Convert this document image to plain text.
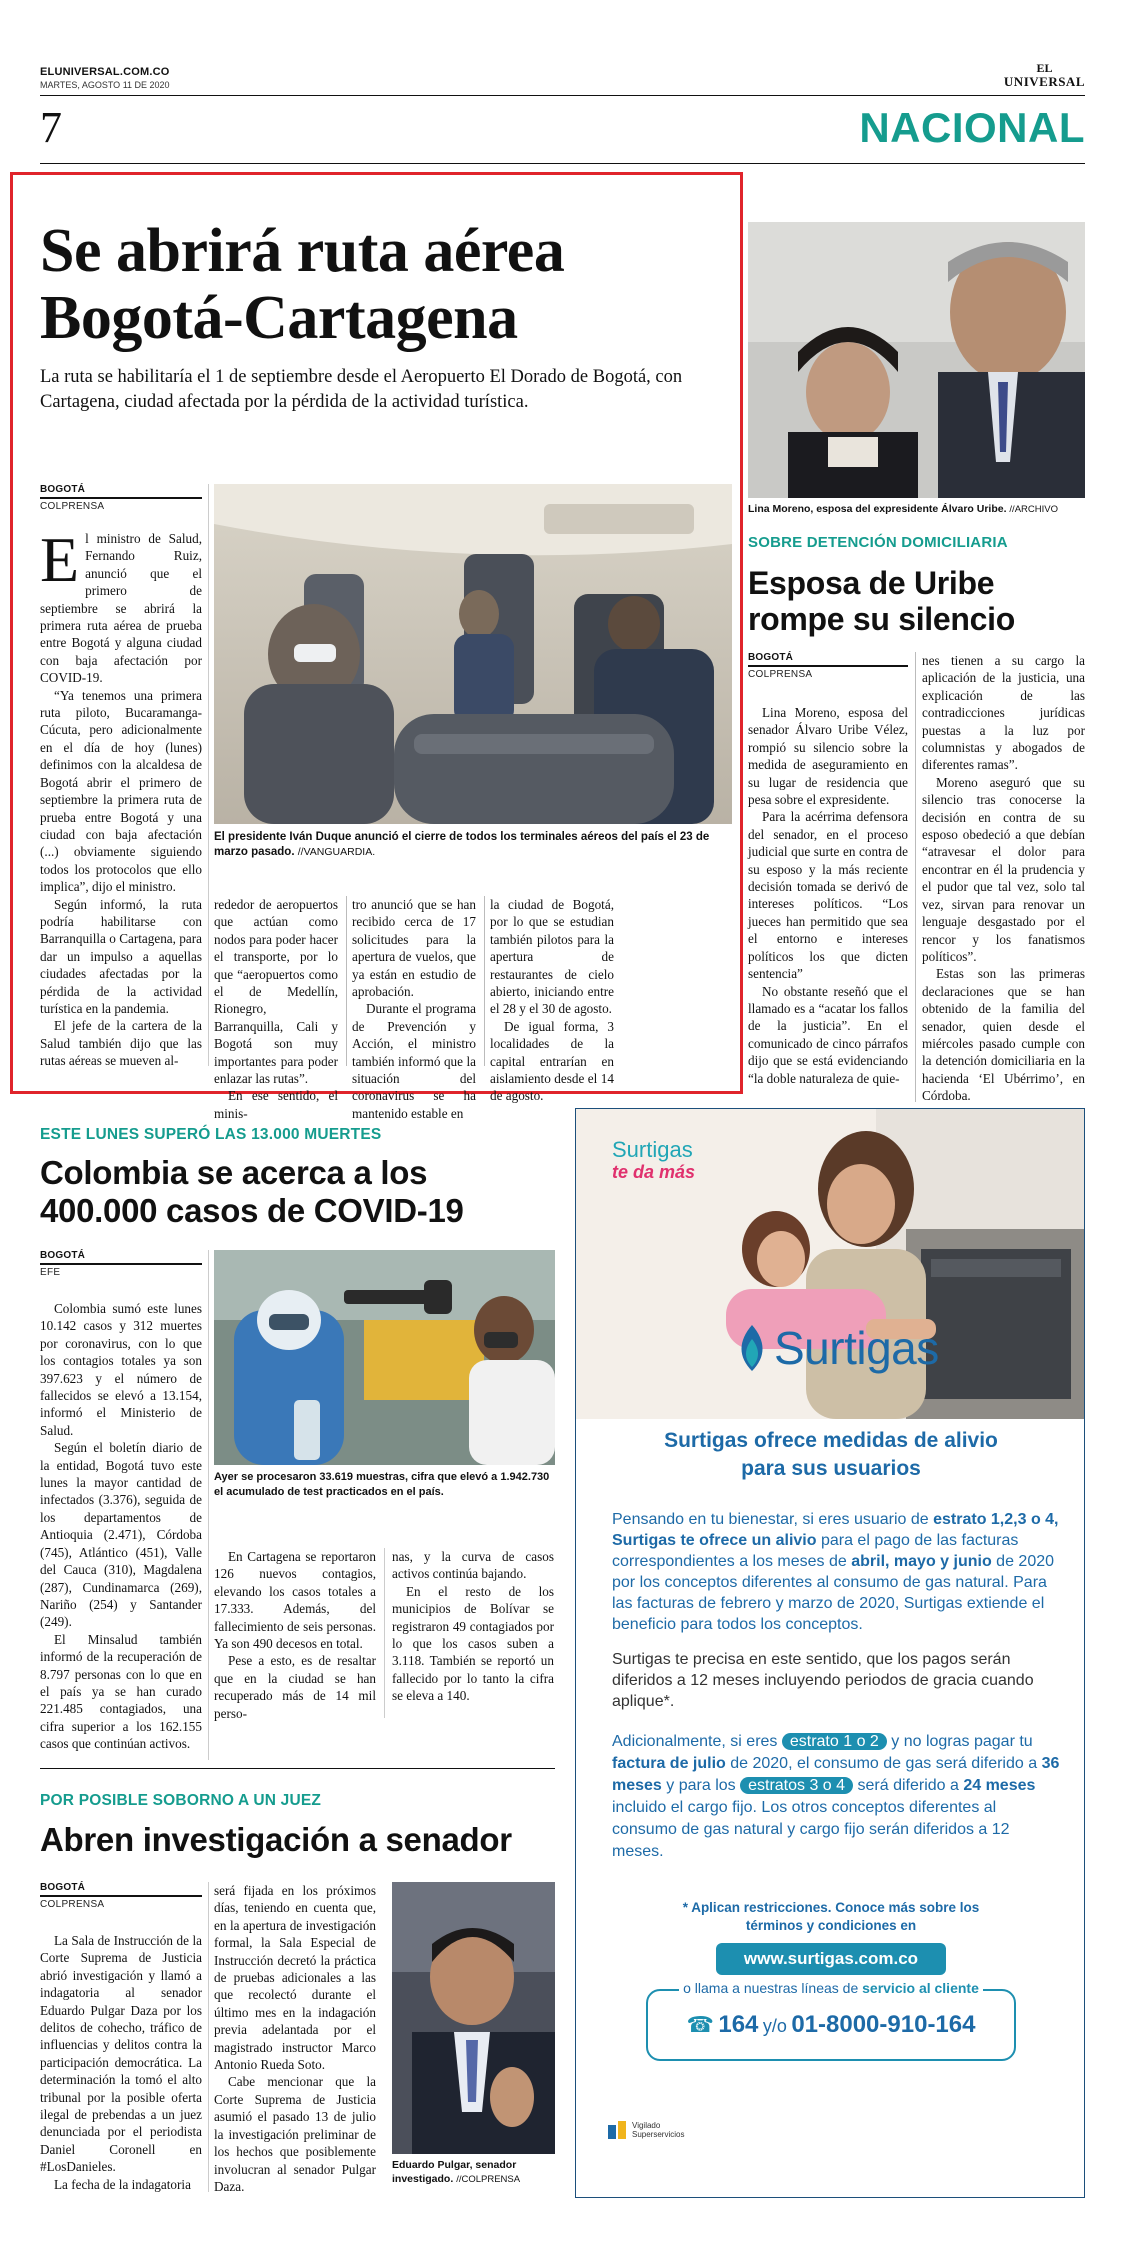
ELUNIVERSAL.COM.CO
MARTES, AGOSTO 11 DE 2020
EL
UNIVERSAL
7	NACIONAL
Se abrirá ruta aérea
Bogotá-Cartagena
La ruta se habilitaría el 1 de septiembre desde el Aeropuerto El Dorado de Bogotá, con Cartagena, ciudad afectada por la pérdida de la actividad turística.
BOGOTÁ
COLPRENSA

El ministro de Salud, Fernando Ruiz, anunció que el primero de septiembre se abrirá la primera ruta aérea de prueba entre Bogotá y alguna ciudad con baja afectación por COVID-19.

“Ya tenemos una primera ruta piloto, Bucaramanga-Cúcuta, pero adicionalmente en el día de hoy (lunes) definimos con la alcaldesa de Bogotá abrir el primero de septiembre la primera ruta de prueba entre Bogotá y una ciudad con baja afectación (...) obviamente siguiendo todos los protocolos que ello implica”, dijo el ministro.

Según informó, la ruta podría habilitarse con Barranquilla o Cartagena, para dar un impulso a aquellas ciudades afectadas por la pérdida de la actividad turística en la pandemia.

El jefe de la cartera de la Salud también dijo que las rutas aéreas se mueven al-

El presidente Iván Duque anunció el cierre de todos los terminales aéreos del país el 23 de marzo pasado. //VANGUARDIA.

rededor de aeropuertos que actúan como nodos para poder hacer el transporte, por lo que “aeropuertos como el de Medellín, Rionegro, Barranquilla, Cali y Bogotá son muy importantes para poder enlazar las rutas”.

En ese sentido, el minis-

tro anunció que se han recibido cerca de 17 solicitudes para la apertura de vuelos, que ya están en estudio de aprobación.

Durante el programa de Prevención y Acción, el ministro también informó que la situación del coronavirus se ha mantenido estable en

la ciudad de Bogotá, por lo que se estudian también pilotos para la apertura de restaurantes de cielo abierto, iniciando entre el 28 y el 30 de agosto.

De igual forma, 3 localidades de la capital entrarían en aislamiento desde el 14 de agosto.

Lina Moreno, esposa del expresidente Álvaro Uribe. //ARCHIVO
SOBRE DETENCIÓN DOMICILIARIA
Esposa de Uribe
rompe su silencio
BOGOTÁ
COLPRENSA

Lina Moreno, esposa del senador Álvaro Uribe Vélez, rompió su silencio sobre la medida de aseguramiento en su lugar de residencia que pesa sobre el expresidente.

Para la acérrima defensora del senador, en el proceso judicial que surte en contra de su esposo y la más reciente decisión tomada se derivó de intereses políticos. “Los jueces han permitido que sea el entorno e intereses políticos los que dicten sentencia”

No obstante reseñó que el llamado es a “acatar los fallos de la justicia”. En el comunicado de cinco párrafos dijo que se está evidenciando “la doble naturaleza de quie-

nes tienen a su cargo la aplicación de la justicia, una explicación de las contradicciones jurídicas puestas a la luz por columnistas y abogados de diferentes ramas”.

Moreno aseguró que su silencio tras conocerse la decisión en contra de su esposo obedeció a que debían “atravesar el dolor para encontrar en él la prudencia y el pudor que tal vez, solo tal vez, sirvan para renovar un lenguaje desgastado por el rencor y los fanatismos políticos”.

Estas son las primeras declaraciones que se han obtenido de la familia del senador, quien desde el miércoles pasado cumple con la detención domiciliaria en la hacienda ‘El Ubérrimo’, en Córdoba.

ESTE LUNES SUPERÓ LAS 13.000 MUERTES
Colombia se acerca a los
400.000 casos de COVID-19
BOGOTÁ
EFE

Colombia sumó este lunes 10.142 casos y 312 muertes por coronavirus, con lo que los contagios totales ya son 397.623 y el número de fallecidos se elevó a 13.154, informó el Ministerio de Salud.

Según el boletín diario de la entidad, Bogotá tuvo este lunes la mayor cantidad de infectados (3.376), seguida de los departamentos de Antioquia (2.471), Córdoba (745), Atlántico (451), Valle del Cauca (310), Magdalena (287), Cundinamarca (269), Nariño (254) y Santander (249).

El Minsalud también informó de la recuperación de 8.797 personas con lo que en el país ya se han curado 221.485 contagiados, una cifra superior a los 162.155 casos que continúan activos.

Ayer se procesaron 33.619 muestras, cifra que elevó a 1.942.730 el acumulado de test practicados en el país.

En Cartagena se reportaron 126 nuevos contagios, elevando los casos totales a 17.333. Además, del fallecimiento de seis personas. Ya son 490 decesos en total.

Pese a esto, es de resaltar que en la ciudad se han recuperado más de 14 mil perso-

nas, y la curva de casos activos continúa bajando.

En el resto de los municipios de Bolívar se registraron 49 contagiados por lo que los casos suben a 3.118. También se reportó un fallecido por lo tanto la cifra se eleva a 140.

POR POSIBLE SOBORNO A UN JUEZ
Abren investigación a senador
BOGOTÁ
COLPRENSA

La Sala de Instrucción de la Corte Suprema de Justicia abrió investigación y llamó a indagatoria al senador Eduardo Pulgar Daza por los delitos de cohecho, tráfico de influencias y delitos contra la participación democrática. La determinación la tomó el alto tribunal por la posible oferta ilegal de prebendas a un juez denunciada por el periodista Daniel Coronell en #LosDanieles.

La fecha de la indagatoria

será fijada en los próximos días, teniendo en cuenta que, en la apertura de investigación formal, la Sala Especial de Instrucción decretó la práctica de pruebas adicionales a las que recolectó durante el último mes en la indagación previa adelantada por el magistrado instructor Marco Antonio Rueda Soto.

Cabe mencionar que la Corte Suprema de Justicia asumió el pasado 13 de julio la investigación preliminar de los hechos que posiblemente involucran al senador Pulgar Daza.

Eduardo Pulgar, senador investigado. //COLPRENSA
Surtigas
te da más
Surtigas
Surtigas ofrece medidas de alivio
para sus usuarios
Pensando en tu bienestar, si eres usuario de estrato 1,2,3 o 4, Surtigas te ofrece un alivio para el pago de las facturas correspondientes a los meses de abril, mayo y junio de 2020 por los conceptos diferentes al consumo de gas natural. Para las facturas de febrero y marzo de 2020, Surtigas extiende el beneficio para todos los conceptos.
Surtigas te precisa en este sentido, que los pagos serán diferidos a 12 meses incluyendo periodos de gracia cuando aplique*.
Adicionalmente, si eres estrato 1 o 2 y no logras pagar tu factura de julio de 2020, el consumo de gas será diferido a 36 meses y para los estratos 3 o 4 será diferido a 24 meses incluido el cargo fijo. Los otros conceptos diferentes al consumo de gas natural y cargo fijo serán diferidos a 12 meses.
* Aplican restricciones. Conoce más sobre los
términos y condiciones en
www.surtigas.com.co
o llama a nuestras líneas de servicio al cliente
☎ 164 y/o 01-8000-910-164
Vigilado
Superservicios
